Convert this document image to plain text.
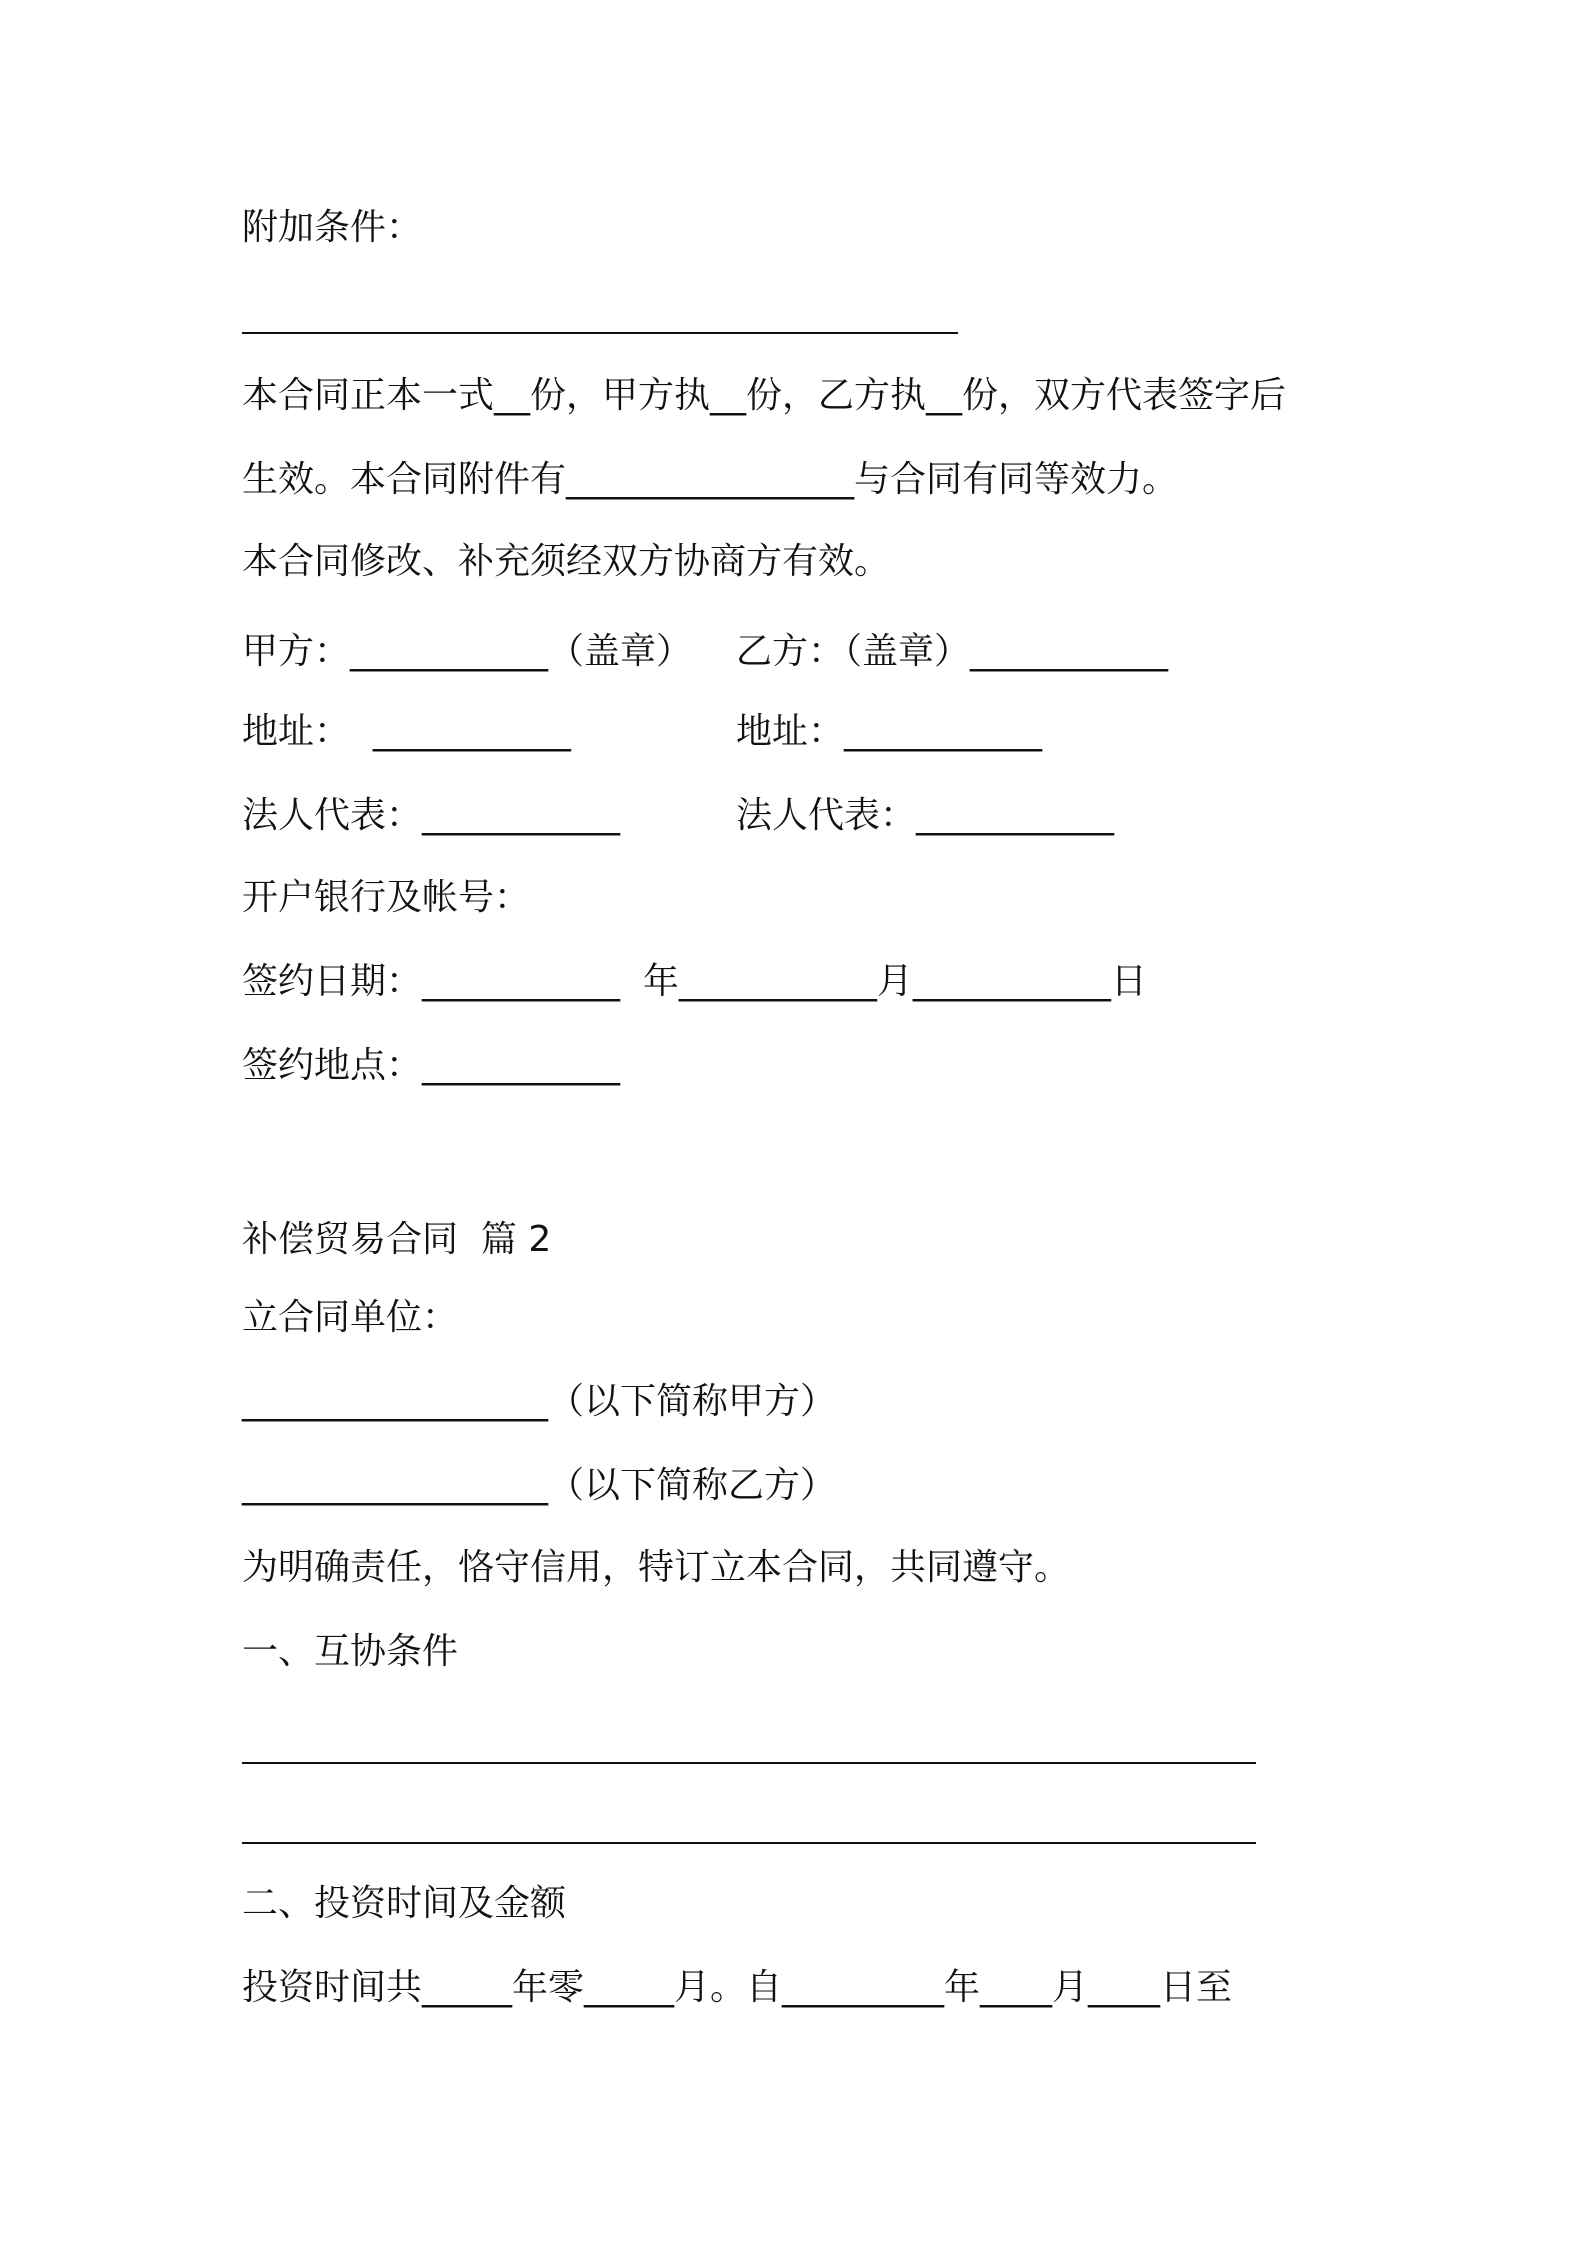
附加条件：
本合同正本一式__份，甲方执__份，乙方执__份，双方代表签字后
生效。本合同附件有________________与合同有同等效力。
本合同修改、补充须经双方协商方有效。
甲方：___________（盖章） 乙方：（盖章）___________
地址：  ___________	地址：___________
法人代表：___________	法人代表：___________
开户银行及帐号：
签约日期：___________  年___________月___________日
签约地点：___________
补偿贸易合同  篇 2
立合同单位：
_________________（以下简称甲方）
_________________（以下简称乙方）
为明确责任，恪守信用，特订立本合同，共同遵守。
一、互协条件
二、投资时间及金额
投资时间共_____年零_____月。自_________年____月____日至
